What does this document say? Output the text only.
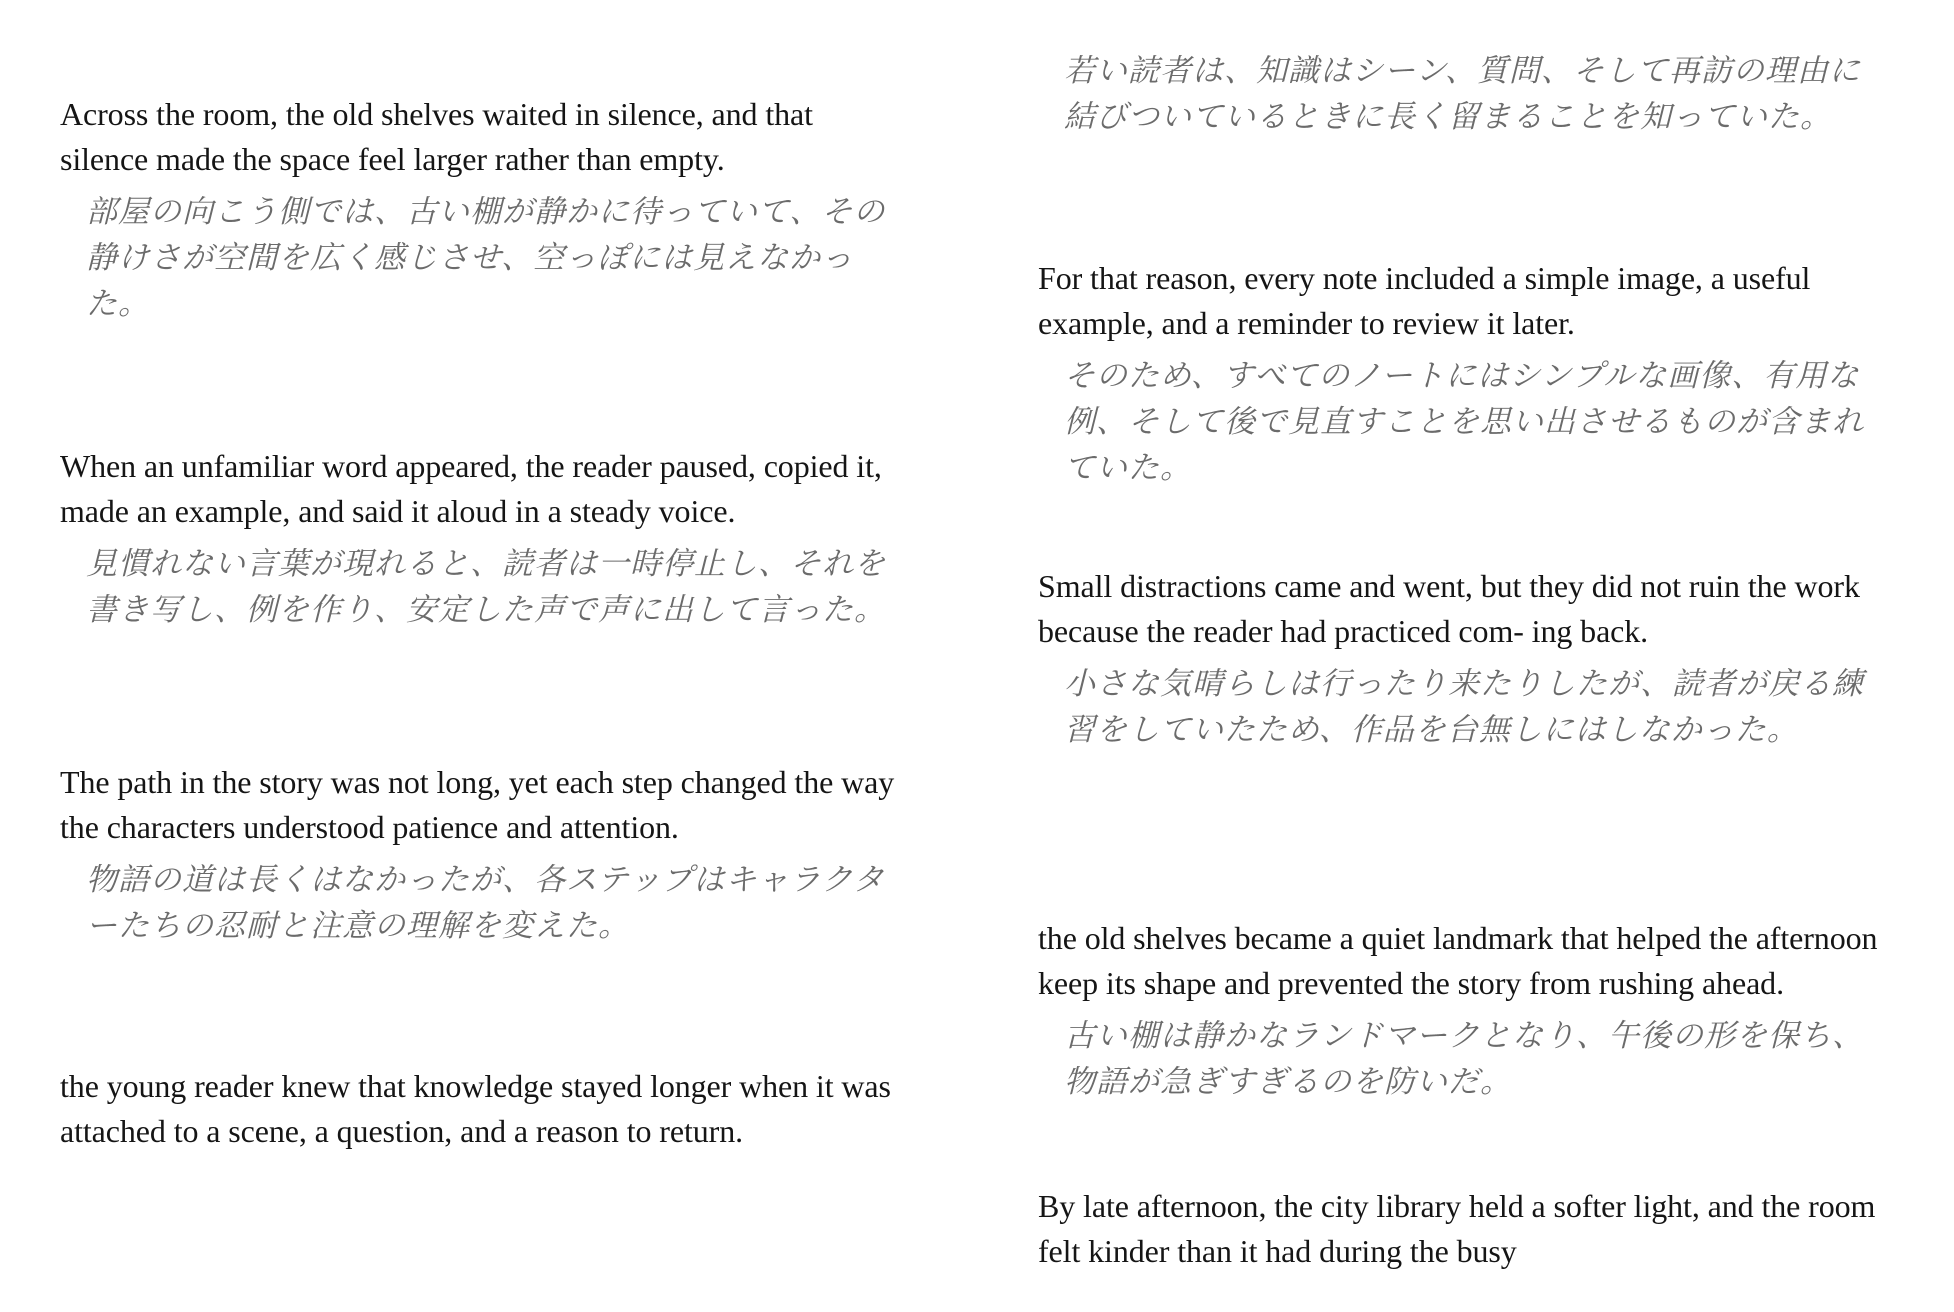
Across the room, the old shelves waited in silence, and that silence made the space feel larger rather than empty.

部屋の向こう側では、古い棚が静かに待っていて、その静けさが空間を広く感じさせ、空っぽには見えなかった。

When an unfamiliar word appeared, the reader paused, copied it, made an example, and said it aloud in a steady voice.

見慣れない言葉が現れると、読者は一時停止し、それを書き写し、例を作り、安定した声で声に出して言った。

The path in the story was not long, yet each step changed the way the characters understood patience and attention.

物語の道は長くはなかったが、各ステップはキャラクターたちの忍耐と注意の理解を変えた。

the young reader knew that knowledge stayed longer when it was attached to a scene, a question, and a reason to return.

若い読者は、知識はシーン、質問、そして再訪の理由に結びついているときに長く留まることを知っていた。

For that reason, every note included a simple image, a useful example, and a reminder to review it later.

そのため、すべてのノートにはシンプルな画像、有用な例、そして後で見直すことを思い出させるものが含まれていた。

Small distractions came and went, but they did not ruin the work because the reader had practiced com- ing back.

小さな気晴らしは行ったり来たりしたが、読者が戻る練習をしていたため、作品を台無しにはしなかった。

the old shelves became a quiet landmark that helped the afternoon keep its shape and prevented the story from rushing ahead.

古い棚は静かなランドマークとなり、午後の形を保ち、物語が急ぎすぎるのを防いだ。

By late afternoon, the city library held a softer light, and the room felt kinder than it had during the busy
